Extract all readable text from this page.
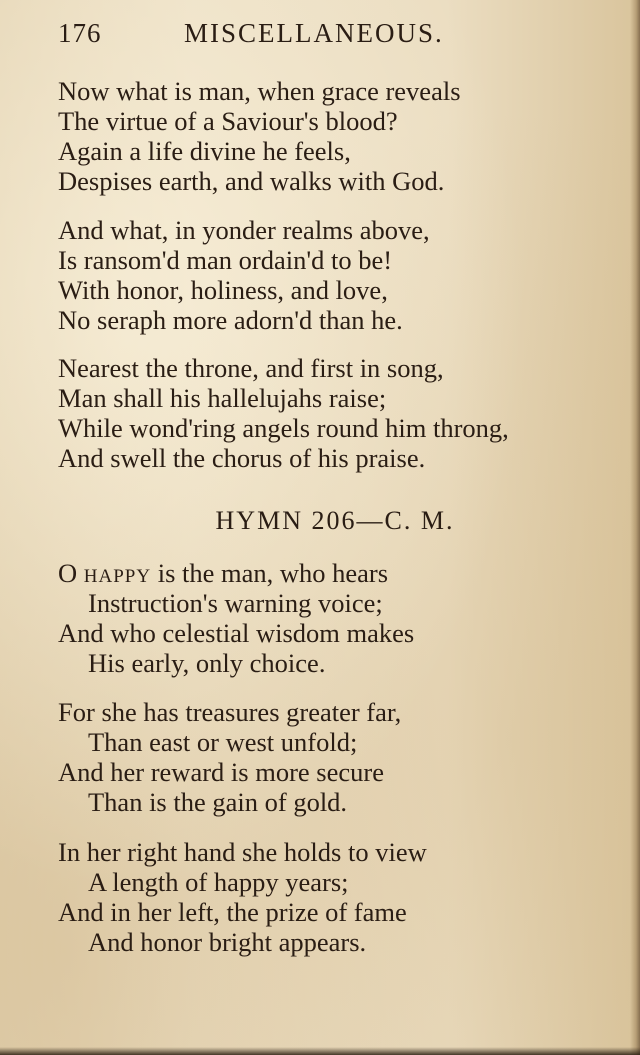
176	MISCELLANEOUS.
Now what is man, when grace reveals
The virtue of a Saviour's blood?
Again a life divine he feels,
Despises earth, and walks with God.
And what, in yonder realms above,
Is ransom'd man ordain'd to be!
With honor, holiness, and love,
No seraph more adorn'd than he.
Nearest the throne, and first in song,
Man shall his hallelujahs raise;
While wond'ring angels round him throng,
And swell the chorus of his praise.
HYMN 206—C. M.
O HAPPY is the man, who hears
Instruction's warning voice;
And who celestial wisdom makes
His early, only choice.
For she has treasures greater far,
Than east or west unfold;
And her reward is more secure
Than is the gain of gold.
In her right hand she holds to view
A length of happy years;
And in her left, the prize of fame
And honor bright appears.
